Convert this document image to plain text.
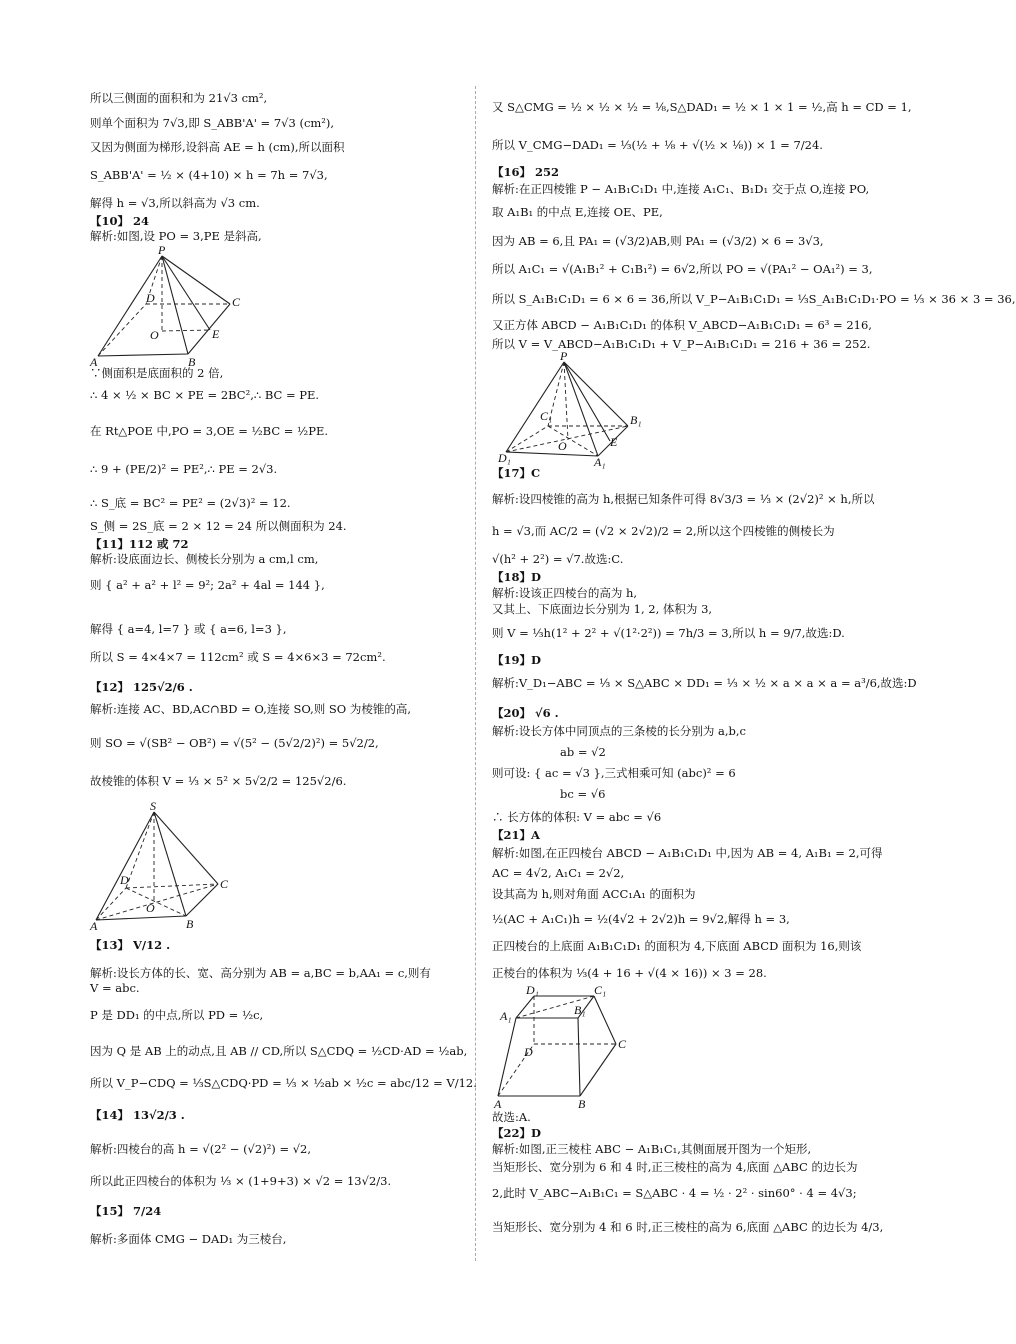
所以三侧面的面积和为 21√3 cm²,
则单个面积为 7√3,即 S_ABB'A' = 7√3 (cm²),
又因为侧面为梯形,设斜高 AE = h (cm),所以面积
S_ABB'A' = ½ × (4+10) × h = 7h = 7√3,
解得 h = √3,所以斜高为 √3 cm.
【10】 24
解析:如图,设 PO = 3,PE 是斜高,
P
D	C
O	E
A	B
∵侧面积是底面积的 2 倍,
∴ 4 × ½ × BC × PE = 2BC²,∴ BC = PE.
在 Rt△POE 中,PO = 3,OE = ½BC = ½PE.
∴ 9 + (PE/2)² = PE²,∴ PE = 2√3.
∴ S_底 = BC² = PE² = (2√3)² = 12.
S_侧 = 2S_底 = 2 × 12 = 24 所以侧面积为 24.
【11】112 或 72
解析:设底面边长、侧棱长分别为 a cm,l cm,
则 { a² + a² + l² = 9²; 2a² + 4al = 144 },
解得 { a=4, l=7 } 或 { a=6, l=3 },
所以 S = 4×4×7 = 112cm² 或 S = 4×6×3 = 72cm².
【12】 125√2/6 .
解析:连接 AC、BD,AC∩BD = O,连接 SO,则 SO 为棱锥的高,
则 SO = √(SB² − OB²) = √(5² − (5√2/2)²) = 5√2/2,
故棱锥的体积 V = ⅓ × 5² × 5√2/2 = 125√2/6.
S
D	C
O
A	B
【13】 V/12 .
解析:设长方体的长、宽、高分别为 AB = a,BC = b,AA₁ = c,则有
V = abc.
P 是 DD₁ 的中点,所以 PD = ½c,
因为 Q 是 AB 上的动点,且 AB // CD,所以 S△CDQ = ½CD·AD = ½ab,
所以 V_P−CDQ = ⅓S△CDQ·PD = ⅓ × ½ab × ½c = abc/12 = V/12.
【14】 13√2/3 .
解析:四棱台的高 h = √(2² − (√2)²) = √2,
所以此正四棱台的体积为 ⅓ × (1+9+3) × √2 = 13√2/3.
【15】 7/24
解析:多面体 CMG − DAD₁ 为三棱台,
又 S△CMG = ½ × ½ × ½ = ⅛,S△DAD₁ = ½ × 1 × 1 = ½,高 h = CD = 1,
所以 V_CMG−DAD₁ = ⅓(½ + ⅛ + √(½ × ⅛)) × 1 = 7/24.
【16】 252
解析:在正四棱锥 P − A₁B₁C₁D₁ 中,连接 A₁C₁、B₁D₁ 交于点 O,连接 PO,
取 A₁B₁ 的中点 E,连接 OE、PE,
因为 AB = 6,且 PA₁ = (√3/2)AB,则 PA₁ = (√3/2) × 6 = 3√3,
所以 A₁C₁ = √(A₁B₁² + C₁B₁²) = 6√2,所以 PO = √(PA₁² − OA₁²) = 3,
所以 S_A₁B₁C₁D₁ = 6 × 6 = 36,所以 V_P−A₁B₁C₁D₁ = ⅓S_A₁B₁C₁D₁·PO = ⅓ × 36 × 3 = 36,
又正方体 ABCD − A₁B₁C₁D₁ 的体积 V_ABCD−A₁B₁C₁D₁ = 6³ = 216,
所以 V = V_ABCD−A₁B₁C₁D₁ + V_P−A₁B₁C₁D₁ = 216 + 36 = 252.
P
C₁	B₁
D₁
O	E
A₁
【17】C
解析:设四棱锥的高为 h,根据已知条件可得 8√3/3 = ⅓ × (2√2)² × h,所以
h = √3,而 AC/2 = (√2 × 2√2)/2 = 2,所以这个四棱锥的侧棱长为
√(h² + 2²) = √7.故选:C.
【18】D
解析:设该正四棱台的高为 h,
又其上、下底面边长分别为 1, 2, 体积为 3,
则 V = ⅓h(1² + 2² + √(1²·2²)) = 7h/3 = 3,所以 h = 9/7,故选:D.
【19】D
解析:V_D₁−ABC = ⅓ × S△ABC × DD₁ = ⅓ × ½ × a × a × a = a³/6,故选:D
【20】 √6 .
解析:设长方体中同顶点的三条棱的长分别为 a,b,c
ab = √2
则可设: { ac = √3 },三式相乘可知 (abc)² = 6
bc = √6
∴ 长方体的体积: V = abc = √6
【21】A
解析:如图,在正四棱台 ABCD − A₁B₁C₁D₁ 中,因为 AB = 4, A₁B₁ = 2,可得
AC = 4√2, A₁C₁ = 2√2,
设其高为 h,则对角面 ACC₁A₁ 的面积为
½(AC + A₁C₁)h = ½(4√2 + 2√2)h = 9√2,解得 h = 3,
正四棱台的上底面 A₁B₁C₁D₁ 的面积为 4,下底面 ABCD 面积为 16,则该
正棱台的体积为 ⅓(4 + 16 + √(4 × 16)) × 3 = 28.
D₁	C₁
A₁	B₁
D
C
A	B
故选:A.
【22】D
解析:如图,正三棱柱 ABC − A₁B₁C₁,其侧面展开图为一个矩形,
当矩形长、宽分别为 6 和 4 时,正三棱柱的高为 4,底面 △ABC 的边长为
2,此时 V_ABC−A₁B₁C₁ = S△ABC · 4 = ½ · 2² · sin60° · 4 = 4√3;
当矩形长、宽分别为 4 和 6 时,正三棱柱的高为 6,底面 △ABC 的边长为 4/3,
